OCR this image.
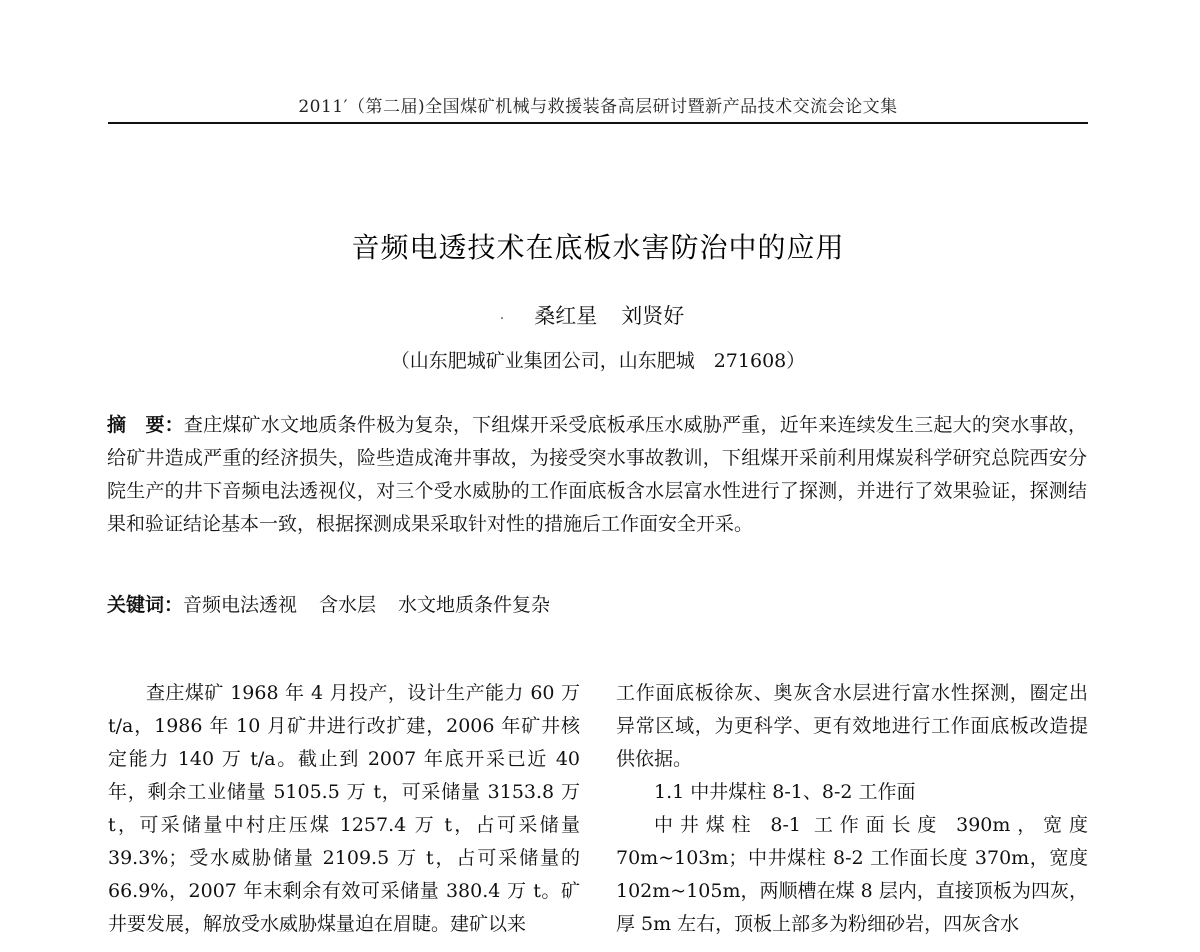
2011′（第二届)全国煤矿机械与救援装备高层研讨暨新产品技术交流会论文集
音频电透技术在底板水害防治中的应用
· 桑红星 刘贤好
（山东肥城矿业集团公司，山东肥城　271608）
摘　要：查庄煤矿水文地质条件极为复杂，下组煤开采受底板承压水威胁严重，近年来连续发生三起大的突水事故，给矿井造成严重的经济损失，险些造成淹井事故，为接受突水事故教训，下组煤开采前利用煤炭科学研究总院西安分院生产的井下音频电法透视仪，对三个受水威胁的工作面底板含水层富水性进行了探测，并进行了效果验证，探测结果和验证结论基本一致，根据探测成果采取针对性的措施后工作面安全开采。
关键词：音频电法透视 含水层 水文地质条件复杂

查庄煤矿 1968 年 4 月投产，设计生产能力 60 万 t/a，1986 年 10 月矿井进行改扩建，2006 年矿井核定能力 140 万 t/a。截止到 2007 年底开采已近 40 年，剩余工业储量 5105.5 万 t，可采储量 3153.8 万 t，可采储量中村庄压煤 1257.4 万 t，占可采储量 39.3%；受水威胁储量 2109.5 万 t，占可采储量的 66.9%，2007 年末剩余有效可采储量 380.4 万 t。矿井要发展，解放受水威胁煤量迫在眉睫。建矿以来

工作面底板徐灰、奥灰含水层进行富水性探测，圈定出异常区域，为更科学、更有效地进行工作面底板改造提供依据。

1.1 中井煤柱 8-1、8-2 工作面

中井煤柱 8-1 工作面长度 390m，宽度 70m~103m；中井煤柱 8-2 工作面长度 370m，宽度 102m~105m，两顺槽在煤 8 层内，直接顶板为四灰，厚 5m 左右，顶板上部多为粉细砂岩，四灰含水
